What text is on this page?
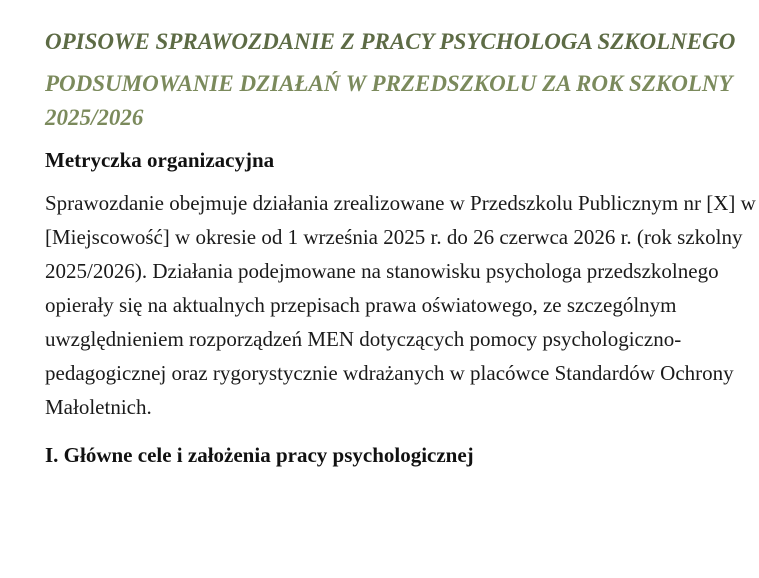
OPISOWE SPRAWOZDANIE Z PRACY PSYCHOLOGA SZKOLNEGO
PODSUMOWANIE DZIAŁAŃ W PRZEDSZKOLU ZA ROK SZKOLNY 2025/2026
Metryczka organizacyjna

Sprawozdanie obejmuje działania zrealizowane w Przedszkolu Publicznym nr [X] w [Miejscowość] w okresie od 1 września 2025 r. do 26 czerwca 2026 r. (rok szkolny 2025/2026). Działania podejmowane na stanowisku psychologa przedszkolnego opierały się na aktualnych przepisach prawa oświatowego, ze szczególnym uwzględnieniem rozporządzeń MEN dotyczących pomocy psychologiczno-pedagogicznej oraz rygorystycznie wdrażanych w placówce Standardów Ochrony Małoletnich.

I. Główne cele i założenia pracy psychologicznej
